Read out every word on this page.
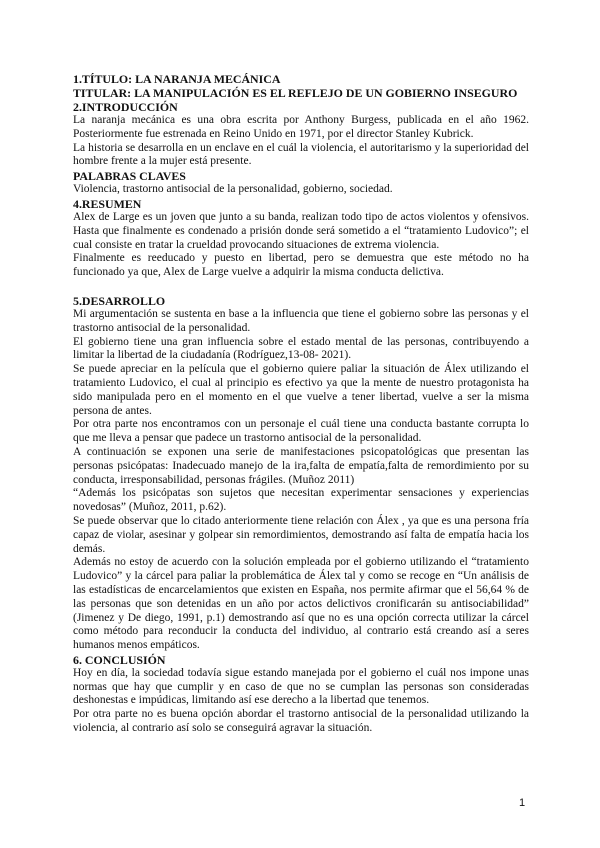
1.TÍTULO: LA NARANJA MECÁNICA
TITULAR: LA MANIPULACIÓN ES EL REFLEJO DE UN GOBIERNO INSEGURO
2.INTRODUCCIÓN

La naranja mecánica es una obra escrita por Anthony Burgess, publicada en el año 1962. Posteriormente fue estrenada en Reino Unido en 1971, por el director Stanley Kubrick.

La historia se desarrolla en un enclave en el cuál la violencia, el autoritarismo y la superioridad del hombre frente a la mujer está presente.

PALABRAS CLAVES

Violencia, trastorno antisocial de la personalidad, gobierno, sociedad.

4.RESUMEN

Alex de Large es un joven que junto a su banda, realizan todo tipo de actos violentos y ofensivos. Hasta que finalmente es condenado a prisión donde será sometido a el “tratamiento Ludovico”; el cual consiste en tratar la crueldad provocando situaciones de extrema violencia.

Finalmente es reeducado y puesto en libertad, pero se demuestra que este método no ha funcionado ya que, Alex de Large vuelve a adquirir la misma conducta delictiva.

5.DESARROLLO

Mi argumentación se sustenta en base a la influencia que tiene el gobierno sobre las personas y el trastorno antisocial de la personalidad.

El gobierno tiene una gran influencia sobre el estado mental de las personas, contribuyendo a limitar la libertad de la ciudadanía (Rodríguez,13-08- 2021).

Se puede apreciar en la película que el gobierno quiere paliar la situación de Álex utilizando el tratamiento Ludovico, el cual al principio es efectivo ya que la mente de nuestro protagonista ha sido manipulada pero en el momento en el que vuelve a tener libertad, vuelve a ser la misma persona de antes.

Por otra parte nos encontramos con un personaje el cuál tiene una conducta bastante corrupta lo que me lleva a pensar que padece un trastorno antisocial de la personalidad.

A continuación se exponen una serie de manifestaciones psicopatológicas que presentan las personas psicópatas: Inadecuado manejo de la ira,falta de empatía,falta de remordimiento por su conducta, irresponsabilidad, personas frágiles. (Muñoz 2011)

“Además los psicópatas son sujetos que necesitan experimentar sensaciones y experiencias novedosas” (Muñoz, 2011, p.62).

Se puede observar que lo citado anteriormente tiene relación con Álex , ya que es una persona fría capaz de violar, asesinar y golpear sin remordimientos, demostrando así falta de empatía hacia los demás.

Además no estoy de acuerdo con la solución empleada por el gobierno utilizando el “tratamiento Ludovico” y la cárcel para paliar la problemática de Álex tal y como se recoge en “Un análisis de las estadísticas de encarcelamientos que existen en España, nos permite afirmar que el 56,64 % de las personas que son detenidas en un año por actos delictivos cronificarán su antisociabilidad” (Jimenez y De diego, 1991, p.1) demostrando así que no es una opción correcta utilizar la cárcel como método para reconducir la conducta del individuo, al contrario está creando así a seres humanos menos empáticos.

6. CONCLUSIÓN

Hoy en día, la sociedad todavía sigue estando manejada por el gobierno el cuál nos impone unas normas que hay que cumplir y en caso de que no se cumplan las personas son consideradas deshonestas e impúdicas, limitando así ese derecho a la libertad que tenemos.

Por otra parte no es buena opción abordar el trastorno antisocial de la personalidad utilizando la violencia, al contrario así solo se conseguirá agravar la situación.

1
